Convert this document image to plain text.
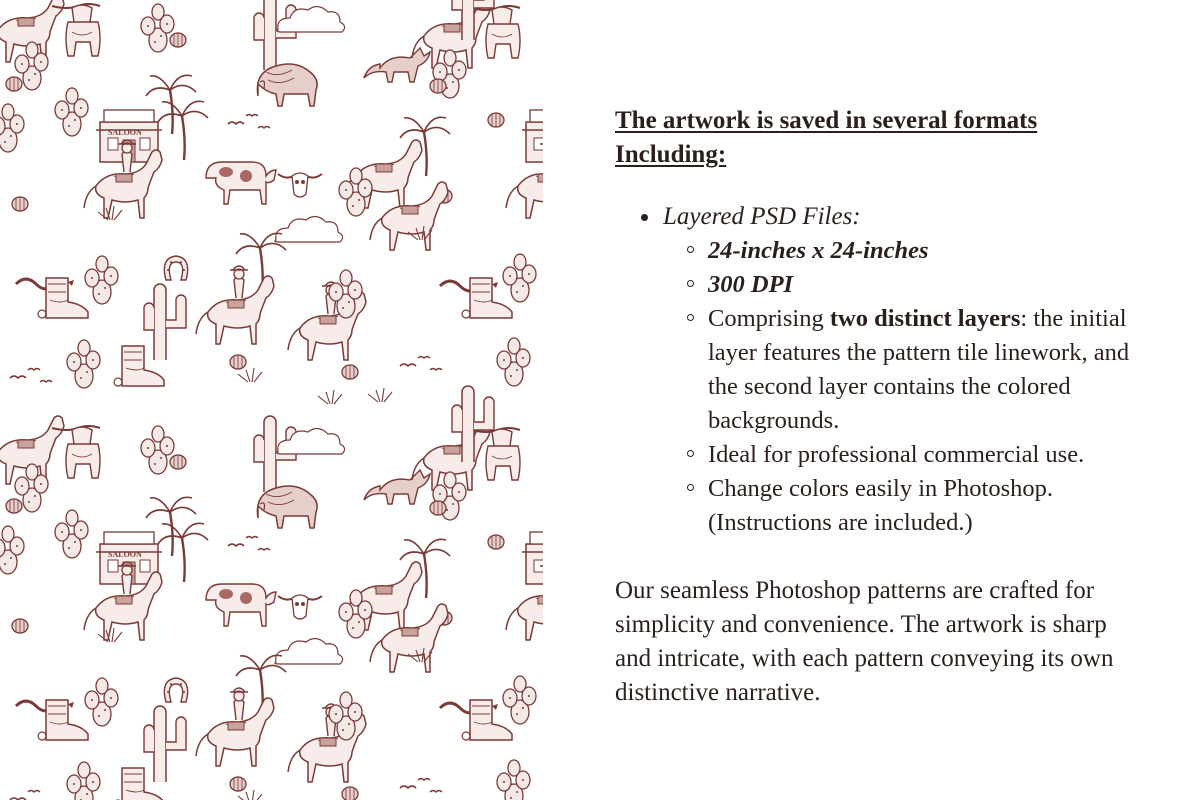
SALOON
SALOON
The artwork is saved in several formats
Including:
Layered PSD Files:
24-inches x 24-inches
300 DPI
Comprising two distinct layers: the initial layer features the pattern tile linework, and the second layer contains the colored backgrounds.
Ideal for professional commercial use.
Change colors easily in Photoshop. (Instructions are included.)

Our seamless Photoshop patterns are crafted for simplicity and convenience. The artwork is sharp and intricate, with each pattern conveying its own distinctive narrative.
